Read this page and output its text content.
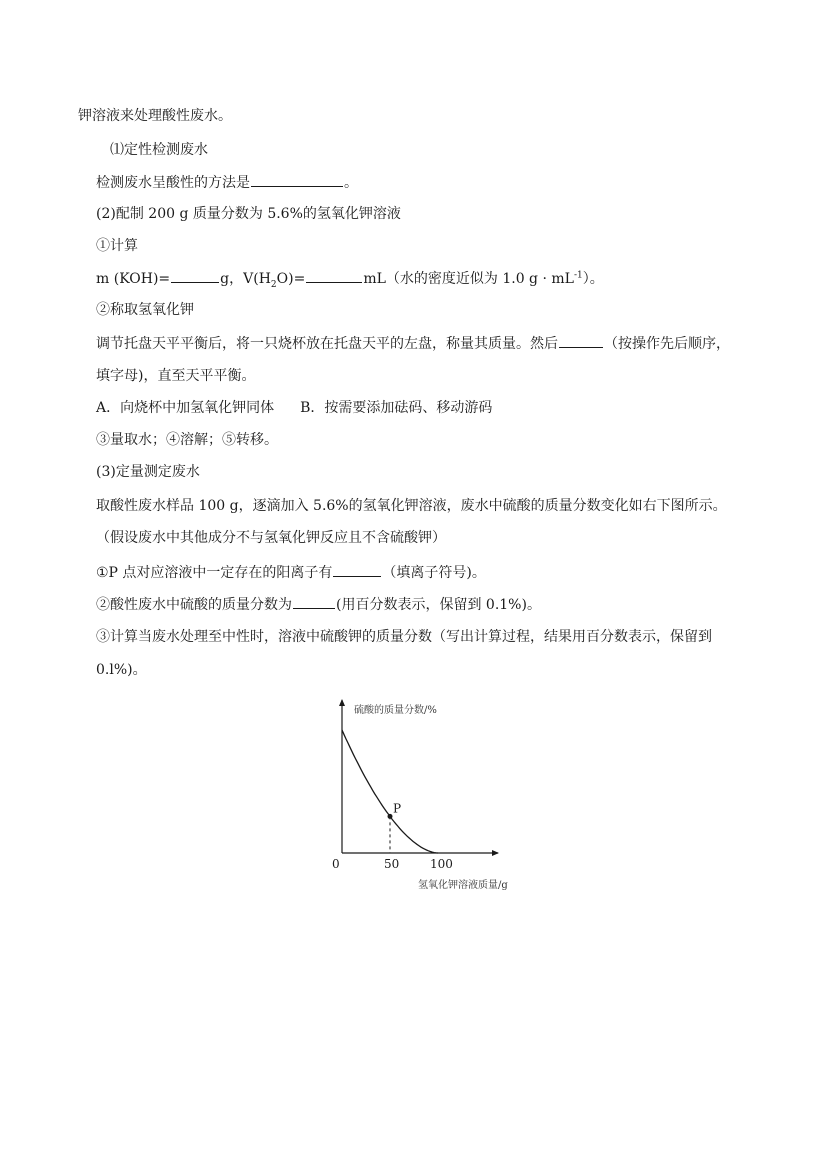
钾溶液来处理酸性废水。
⑴定性检测废水
检测废水呈酸性的方法是	。
(2)配制 200 g 质量分数为 5.6%的氢氧化钾溶液
①计算
m (KOH)=	g，$V(H_2O)=$	mL（水的密度近似为 1.0 $g \cdot mL^{-1}$）。
②称取氢氧化钾
调节托盘天平平衡后，将一只烧杯放在托盘天平的左盘，称量其质量。然后	（按操作先后顺序，
填字母)，直至天平平衡。
A．向烧杯中加氢氧化钾同体 B．按需要添加砝码、移动游码
③量取水；④溶解；⑤转移。
(3)定量测定废水
取酸性废水样品 100 g，逐滴加入 5.6%的氢氧化钾溶液，废水中硫酸的质量分数变化如右下图所示。
（假设废水中其他成分不与氢氧化钾反应且不含硫酸钾）
①P 点对应溶液中一定存在的阳离子有	（填离子符号)。
②酸性废水中硫酸的质量分数为	(用百分数表示，保留到 0.1%)。
③计算当废水处理至中性时，溶液中硫酸钾的质量分数（写出计算过程，结果用百分数表示，保留到
0.l%)。
P
硫酸的质量分数/%
0	50	100
氢氧化钾溶液质量/g
